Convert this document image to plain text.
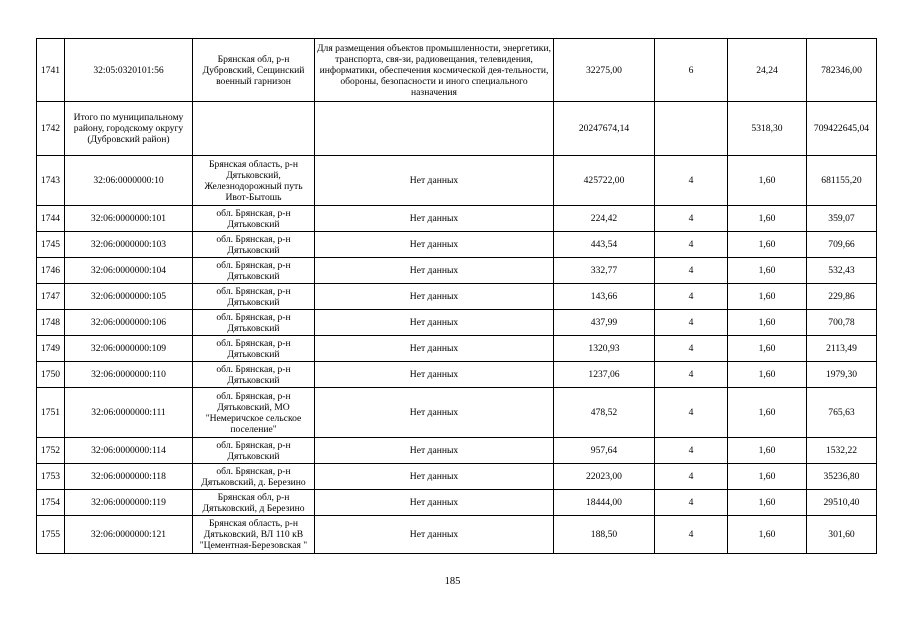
1741	32:05:0320101:56	Брянская обл, р-н Дубровский, Сещинский военный гарнизон	Для размещения объектов промышленности, энергетики, транспорта, свя-зи, радиовещания, телевидения, информатики, обеспечения космической дея-тельности, обороны, безопасности и иного специального назначения	32275,00	6	24,24	782346,00
1742	Итого по муниципальному району, городскому округу (Дубровский район)			20247674,14		5318,30	709422645,04
1743	32:06:0000000:10	Брянская область, р-н Дятьковский, Железнодорожный путь Ивот-Бытошь	Нет данных	425722,00	4	1,60	681155,20
1744	32:06:0000000:101	обл. Брянская, р-н Дятьковский	Нет данных	224,42	4	1,60	359,07
1745	32:06:0000000:103	обл. Брянская, р-н Дятьковский	Нет данных	443,54	4	1,60	709,66
1746	32:06:0000000:104	обл. Брянская, р-н Дятьковский	Нет данных	332,77	4	1,60	532,43
1747	32:06:0000000:105	обл. Брянская, р-н Дятьковский	Нет данных	143,66	4	1,60	229,86
1748	32:06:0000000:106	обл. Брянская, р-н Дятьковский	Нет данных	437,99	4	1,60	700,78
1749	32:06:0000000:109	обл. Брянская, р-н Дятьковский	Нет данных	1320,93	4	1,60	2113,49
1750	32:06:0000000:110	обл. Брянская, р-н Дятьковский	Нет данных	1237,06	4	1,60	1979,30
1751	32:06:0000000:111	обл. Брянская, р-н Дятьковский, МО "Немеричское сельское поселение"	Нет данных	478,52	4	1,60	765,63
1752	32:06:0000000:114	обл. Брянская, р-н Дятьковский	Нет данных	957,64	4	1,60	1532,22
1753	32:06:0000000:118	обл. Брянская, р-н Дятьковский, д. Березино	Нет данных	22023,00	4	1,60	35236,80
1754	32:06:0000000:119	Брянская обл, р-н Дятьковский, д Березино	Нет данных	18444,00	4	1,60	29510,40
1755	32:06:0000000:121	Брянская область, р-н Дятьковский, ВЛ 110 кВ "Цементная-Березовская "	Нет данных	188,50	4	1,60	301,60
185
